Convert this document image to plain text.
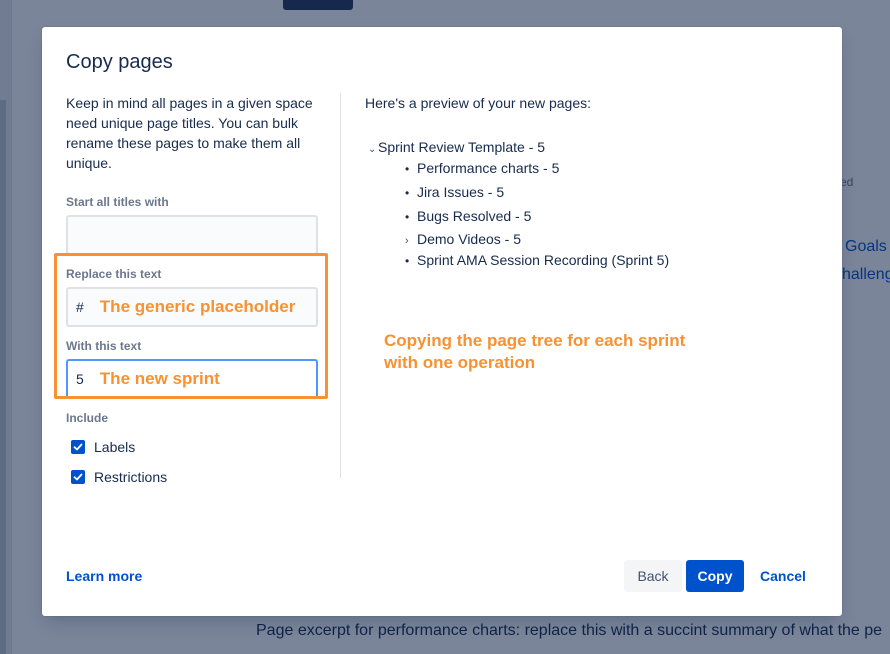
Copy pages
Keep in mind all pages in a given space need unique page titles. You can bulk rename these pages to make them all unique.
Start all titles with
Replace this text
# The generic placeholder
With this text
5 The new sprint
Include
Labels
Restrictions
Here's a preview of your new pages:
⌄ Sprint Review Template - 5
• Performance charts - 5
• Jira Issues - 5
• Bugs Resolved - 5
› Demo Videos - 5
• Sprint AMA Session Recording (Sprint 5)
Copying the page tree for each sprint with one operation
Learn more	Back	Copy	Cancel
